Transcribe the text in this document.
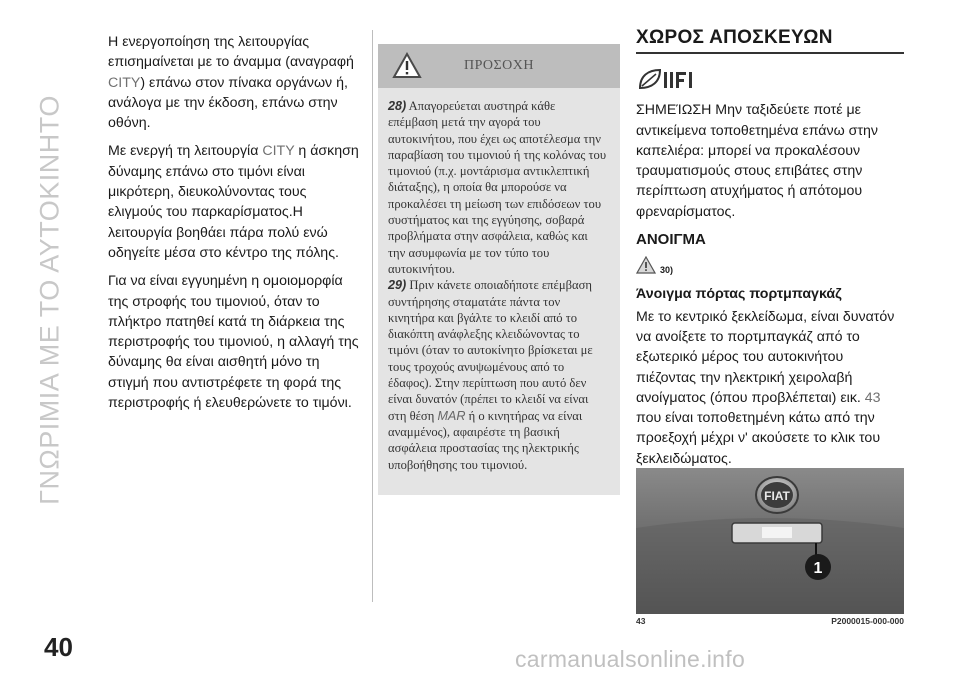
ΓΝΩΡΙΜΙΑ ΜΕ ΤΟ ΑΥΤΟΚΙΝΗΤΟ
40

Η ενεργοποίηση της λειτουργίας επισημαίνεται με το άναμμα (αναγραφή CITY) επάνω στον πίνακα οργάνων ή, ανάλογα με την έκδοση, επάνω στην οθόνη.

Με ενεργή τη λειτουργία CITY η άσκηση δύναμης επάνω στο τιμόνι είναι μικρότερη, διευκολύνοντας τους ελιγμούς του παρκαρίσματος.Η λειτουργία βοηθάει πάρα πολύ ενώ οδηγείτε μέσα στο κέντρο της πόλης.

Για να είναι εγγυημένη η ομοιομορφία της στροφής του τιμονιού, όταν το πλήκτρο πατηθεί κατά τη διάρκεια της περιστροφής του τιμονιού, η αλλαγή της δύναμης θα είναι αισθητή μόνο τη στιγμή που αντιστρέφετε τη φορά της περιστροφής ή ελευθερώνετε το τιμόνι.

ΠΡΟΣΟΧΗ

28) Απαγορεύεται αυστηρά κάθε επέμβαση μετά την αγορά του αυτοκινήτου, που έχει ως αποτέλεσμα την παραβίαση του τιμονιού ή της κολόνας του τιμονιού (π.χ. μοντάρισμα αντικλεπτική διάταξης), η οποία θα μπορούσε να προκαλέσει τη μείωση των επιδόσεων του συστήματος και της εγγύησης, σοβαρά προβλήματα στην ασφάλεια, καθώς και την ασυμφωνία με τον τύπο του αυτοκινήτου.

29) Πριν κάνετε οποιαδήποτε επέμβαση συντήρησης σταματάτε πάντα τον κινητήρα και βγάλτε το κλειδί από το διακόπτη ανάφλεξης κλειδώνοντας το τιμόνι (όταν το αυτοκίνητο βρίσκεται με τους τροχούς ανυψωμένους από το έδαφος). Στην περίπτωση που αυτό δεν είναι δυνατόν (πρέπει το κλειδί να είναι στη θέση MAR ή ο κινητήρας να είναι αναμμένος), αφαιρέστε τη βασική ασφάλεια προστασίας της ηλεκτρικής υποβοήθησης του τιμονιού.

ΧΩΡΟΣ ΑΠΟΣΚΕΥΩΝ

ΣΗΜΕΊΩΣΗ Μην ταξιδεύετε ποτέ με αντικείμενα τοποθετημένα επάνω στην καπελιέρα: μπορεί να προκαλέσουν τραυματισμούς στους επιβάτες στην περίπτωση ατυχήματος ή απότομου φρεναρίσματος.

ΑΝΟΙΓΜΑ
30)
Άνοιγμα πόρτας πορτμπαγκάζ

Με το κεντρικό ξεκλείδωμα, είναι δυνατόν να ανοίξετε το πορτμπαγκάζ από το εξωτερικό μέρος του αυτοκινήτου πιέζοντας την ηλεκτρική χειρολαβή ανοίγματος (όπου προβλέπεται) εικ. 43 που είναι τοποθετημένη κάτω από την προεξοχή μέχρι ν' ακούσετε το κλικ του ξεκλειδώματος.

FIAT
1
43	P2000015-000-000
carmanualsonline.info
